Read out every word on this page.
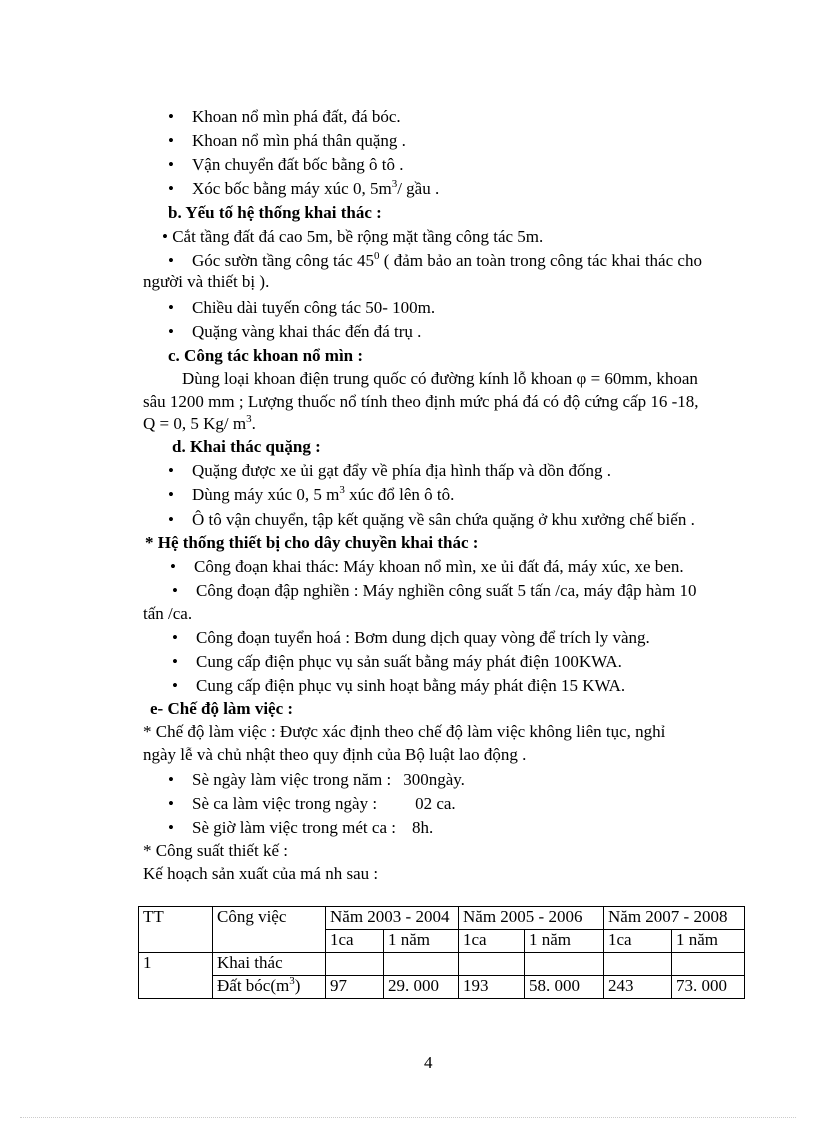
• Khoan nổ mìn phá đất, đá bóc.
• Khoan nổ mìn phá thân quặng .
• Vận chuyển đất bốc bằng ô tô .
• Xóc bốc bằng máy xúc 0, $5m^3/$ gầu .
b. Yếu tố hệ thống khai thác :
• Cắt tầng đất đá cao 5m, bề rộng mặt tầng công tác 5m.
• Góc sườn tầng công tác $45^0$ ( đảm bảo an toàn trong công tác khai thác cho
người và thiết bị ).
• Chiều dài tuyến công tác 50- 100m.
• Quặng vàng khai thác đến đá trụ .
c. Công tác khoan nổ mìn :
Dùng loại khoan điện trung quốc có đường kính lỗ khoan φ = 60mm, khoan
sâu 1200 mm ; Lượng thuốc nổ tính theo định mức phá đá có độ cứng cấp 16 -18,
Q = 0, 5 Kg/ $m^3$.
d. Khai thác quặng :
• Quặng được xe ủi gạt đẩy về phía địa hình thấp và dồn đống .
• Dùng máy xúc 0, 5 $m^3$ xúc đổ lên ô tô.
• Ô tô vận chuyển, tập kết quặng về sân chứa quặng ở khu xưởng chế biến .
* Hệ thống thiết bị cho dây chuyền khai thác :
• Công đoạn khai thác: Máy khoan nổ mìn, xe ủi đất đá, máy xúc, xe ben.
• Công đoạn đập nghiền : Máy nghiền công suất 5 tấn /ca, máy đập hàm 10
tấn /ca.
• Công đoạn tuyển hoá : Bơm dung dịch quay vòng để trích ly vàng.
• Cung cấp điện phục vụ sản suất bằng máy phát điện 100KWA.
• Cung cấp điện phục vụ sinh hoạt bằng máy phát điện 15 KWA.
e- Chế độ làm việc :
* Chế độ làm việc : Được xác định theo chế độ làm việc không liên tục, nghỉ
ngày lễ và chủ nhật theo quy định của Bộ luật lao động .
• Sè ngày làm việc trong năm : 300ngày.
• Sè ca làm việc trong ngày : 02 ca.
• Sè giờ làm việc trong mét ca : 8h.
* Công suất thiết kế :
Kế hoạch sản xuất của má nh sau :
TT	Công việc	Năm 2003 - 2004		Năm 2005 - 2006		Năm 2007 - 2008	
		1ca	1 năm	1ca	1 năm	1ca	1 năm
1	Khai thác						
	Đất $bóc(m^3)$	97	29. 000	193	58. 000	243	73. 000
4
